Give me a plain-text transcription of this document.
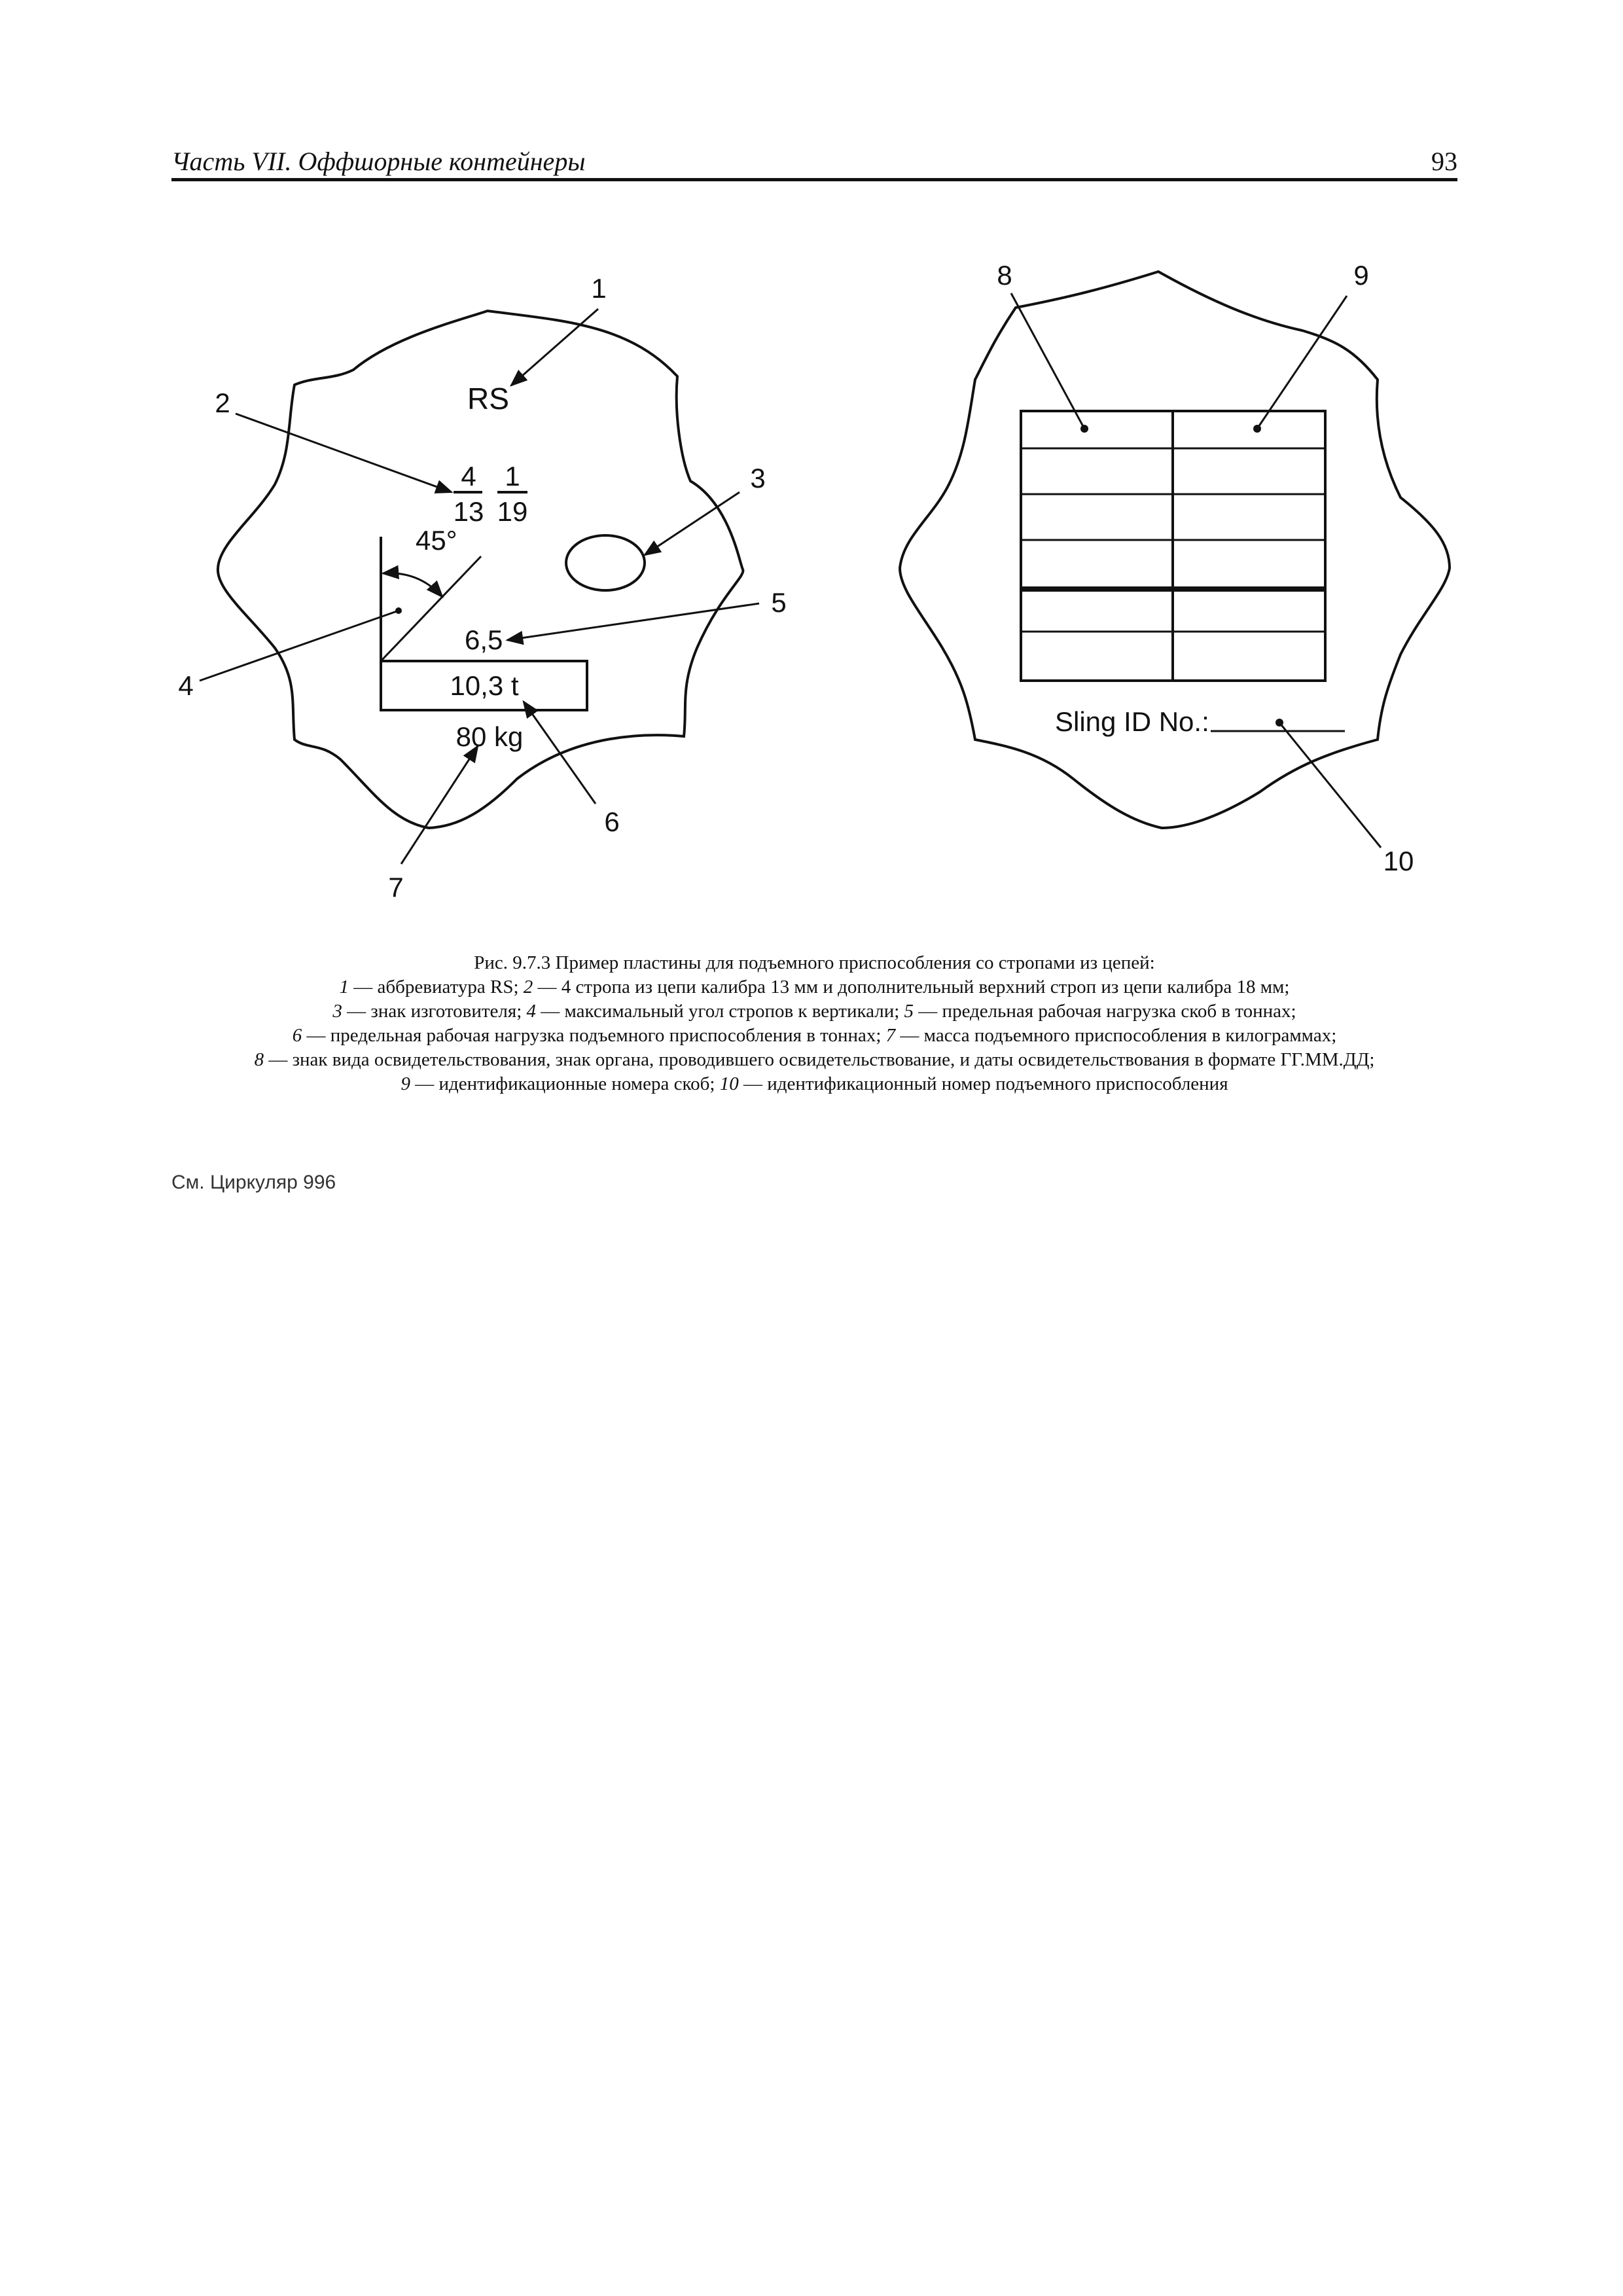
Часть VII. Оффшорные контейнеры	93
RS
4
13
1
19
45°
6,5
10,3 t
80 kg
1
2
3
4
5
6
7
Sling ID No.:
8	9
10
Рис. 9.7.3 Пример пластины для подъемного приспособления со стропами из цепей:
1 — аббревиатура RS; 2 — 4 стропа из цепи калибра 13 мм и дополнительный верхний строп из цепи калибра 18 мм;
3 — знак изготовителя; 4 — максимальный угол стропов к вертикали; 5 — предельная рабочая нагрузка скоб в тоннах;
6 — предельная рабочая нагрузка подъемного приспособления в тоннах; 7 — масса подъемного приспособления в килограммах;
8 — знак вида освидетельствования, знак органа, проводившего освидетельствование, и даты освидетельствования в формате ГГ.ММ.ДД;
9 — идентификационные номера скоб; 10 — идентификационный номер подъемного приспособления
См. Циркуляр 996
